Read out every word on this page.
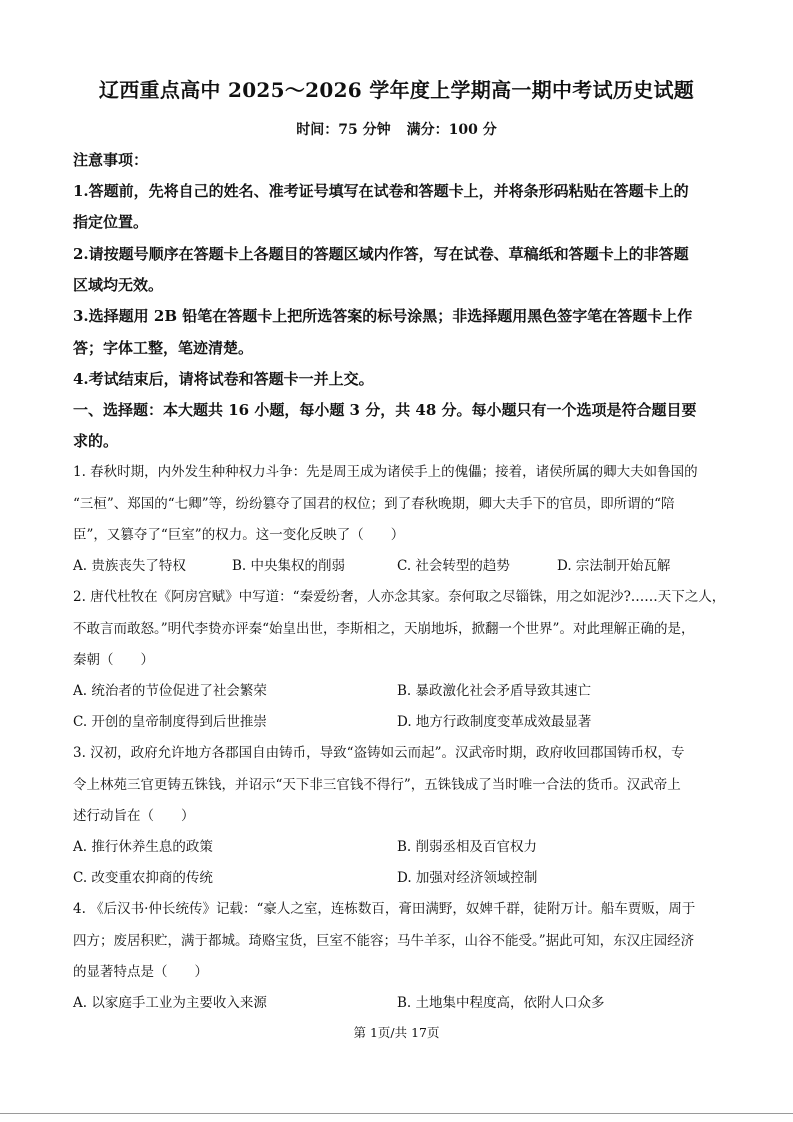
辽西重点高中 2025～2026 学年度上学期高一期中考试历史试题
时间：75 分钟 满分：100 分
注意事项：
1.答题前，先将自己的姓名、准考证号填写在试卷和答题卡上，并将条形码粘贴在答题卡上的
指定位置。
2.请按题号顺序在答题卡上各题目的答题区域内作答，写在试卷、草稿纸和答题卡上的非答题
区域均无效。
3.选择题用 2B 铅笔在答题卡上把所选答案的标号涂黑；非选择题用黑色签字笔在答题卡上作
答；字体工整，笔迹清楚。
4.考试结束后，请将试卷和答题卡一并上交。
一、选择题：本大题共 16 小题，每小题 3 分，共 48 分。每小题只有一个选项是符合题目要
求的。
1. 春秋时期，内外发生种种权力斗争：先是周王成为诸侯手上的傀儡；接着，诸侯所属的卿大夫如鲁国的
“三桓”、郑国的“七卿”等，纷纷篡夺了国君的权位；到了春秋晚期，卿大夫手下的官员，即所谓的“陪
臣”，又篡夺了“巨室”的权力。这一变化反映了（　　）
A. 贵族丧失了特权	B. 中央集权的削弱	C. 社会转型的趋势	D. 宗法制开始瓦解
2. 唐代杜牧在《阿房宫赋》中写道：“秦爱纷奢，人亦念其家。奈何取之尽锱铢，用之如泥沙?……天下之人，
不敢言而敢怒。”明代李贽亦评秦“始皇出世，李斯相之，天崩地坼，掀翻一个世界”。对此理解正确的是，
秦朝（　　）
A. 统治者的节俭促进了社会繁荣	B. 暴政激化社会矛盾导致其速亡
C. 开创的皇帝制度得到后世推崇	D. 地方行政制度变革成效最显著
3. 汉初，政府允许地方各郡国自由铸币，导致“盗铸如云而起”。汉武帝时期，政府收回郡国铸币权，专
令上林苑三官更铸五铢钱，并诏示“天下非三官钱不得行”，五铢钱成了当时唯一合法的货币。汉武帝上
述行动旨在（　　）
A. 推行休养生息的政策	B. 削弱丞相及百官权力
C. 改变重农抑商的传统	D. 加强对经济领域控制
4. 《后汉书·仲长统传》记载：“豪人之室，连栋数百，膏田满野，奴婢千群，徒附万计。船车贾贩，周于
四方；废居积贮，满于都城。琦赂宝货，巨室不能容；马牛羊豕，山谷不能受。”据此可知，东汉庄园经济
的显著特点是（　　）
A. 以家庭手工业为主要收入来源	B. 土地集中程度高，依附人口众多
第 1页/共 17页
